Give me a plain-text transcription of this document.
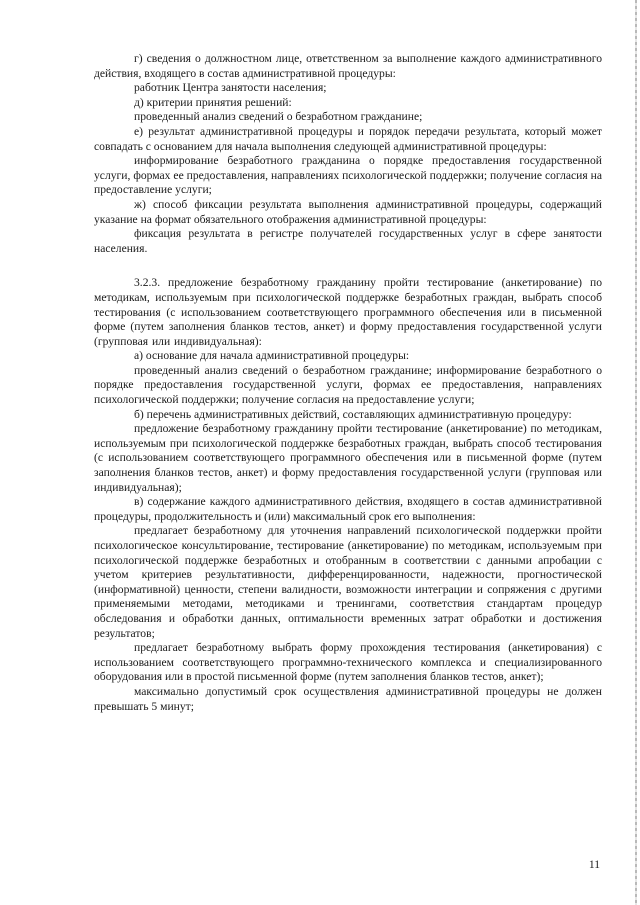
г) сведения о должностном лице, ответственном за выполнение каждого административного действия, входящего в состав административной процедуры:

работник Центра занятости населения;

д) критерии принятия решений:

проведенный анализ сведений о безработном гражданине;

е) результат административной процедуры и порядок передачи результата, который может совпадать с основанием для начала выполнения следующей административной процедуры:

информирование безработного гражданина о порядке предоставления государственной услуги, формах ее предоставления, направлениях психологической поддержки; получение согласия на предоставление услуги;

ж) способ фиксации результата выполнения административной процедуры, содержащий указание на формат обязательного отображения административной процедуры:

фиксация результата в регистре получателей государственных услуг в сфере занятости населения.

3.2.3. предложение безработному гражданину пройти тестирование (анкетирование) по методикам, используемым при психологической поддержке безработных граждан, выбрать способ тестирования (с использованием соответствующего программного обеспечения или в письменной форме (путем заполнения бланков тестов, анкет) и форму предоставления государственной услуги (групповая или индивидуальная):

а) основание для начала административной процедуры:

проведенный анализ сведений о безработном гражданине; информирование безработного о порядке предоставления государственной услуги, формах ее предоставления, направлениях психологической поддержки; получение согласия на предоставление услуги;

б) перечень административных действий, составляющих административную процедуру:

предложение безработному гражданину пройти тестирование (анкетирование) по методикам, используемым при психологической поддержке безработных граждан, выбрать способ тестирования (с использованием соответствующего программного обеспечения или в письменной форме (путем заполнения бланков тестов, анкет) и форму предоставления государственной услуги (групповая или индивидуальная);

в) содержание каждого административного действия, входящего в состав административной процедуры, продолжительность и (или) максимальный срок его выполнения:

предлагает безработному для уточнения направлений психологической поддержки пройти психологическое консультирование, тестирование (анкетирование) по методикам, используемым при психологической поддержке безработных и отобранным в соответствии с данными апробации с учетом критериев результативности, дифференцированности, надежности, прогностической (информативной) ценности, степени валидности, возможности интеграции и сопряжения с другими применяемыми методами, методиками и тренингами, соответствия стандартам процедур обследования и обработки данных, оптимальности временных затрат обработки и достижения результатов;

предлагает безработному выбрать форму прохождения тестирования (анкетирования) с использованием соответствующего программно-технического комплекса и специализированного оборудования или в простой письменной форме (путем заполнения бланков тестов, анкет);

максимально допустимый срок осуществления административной процедуры не должен превышать 5 минут;

11
